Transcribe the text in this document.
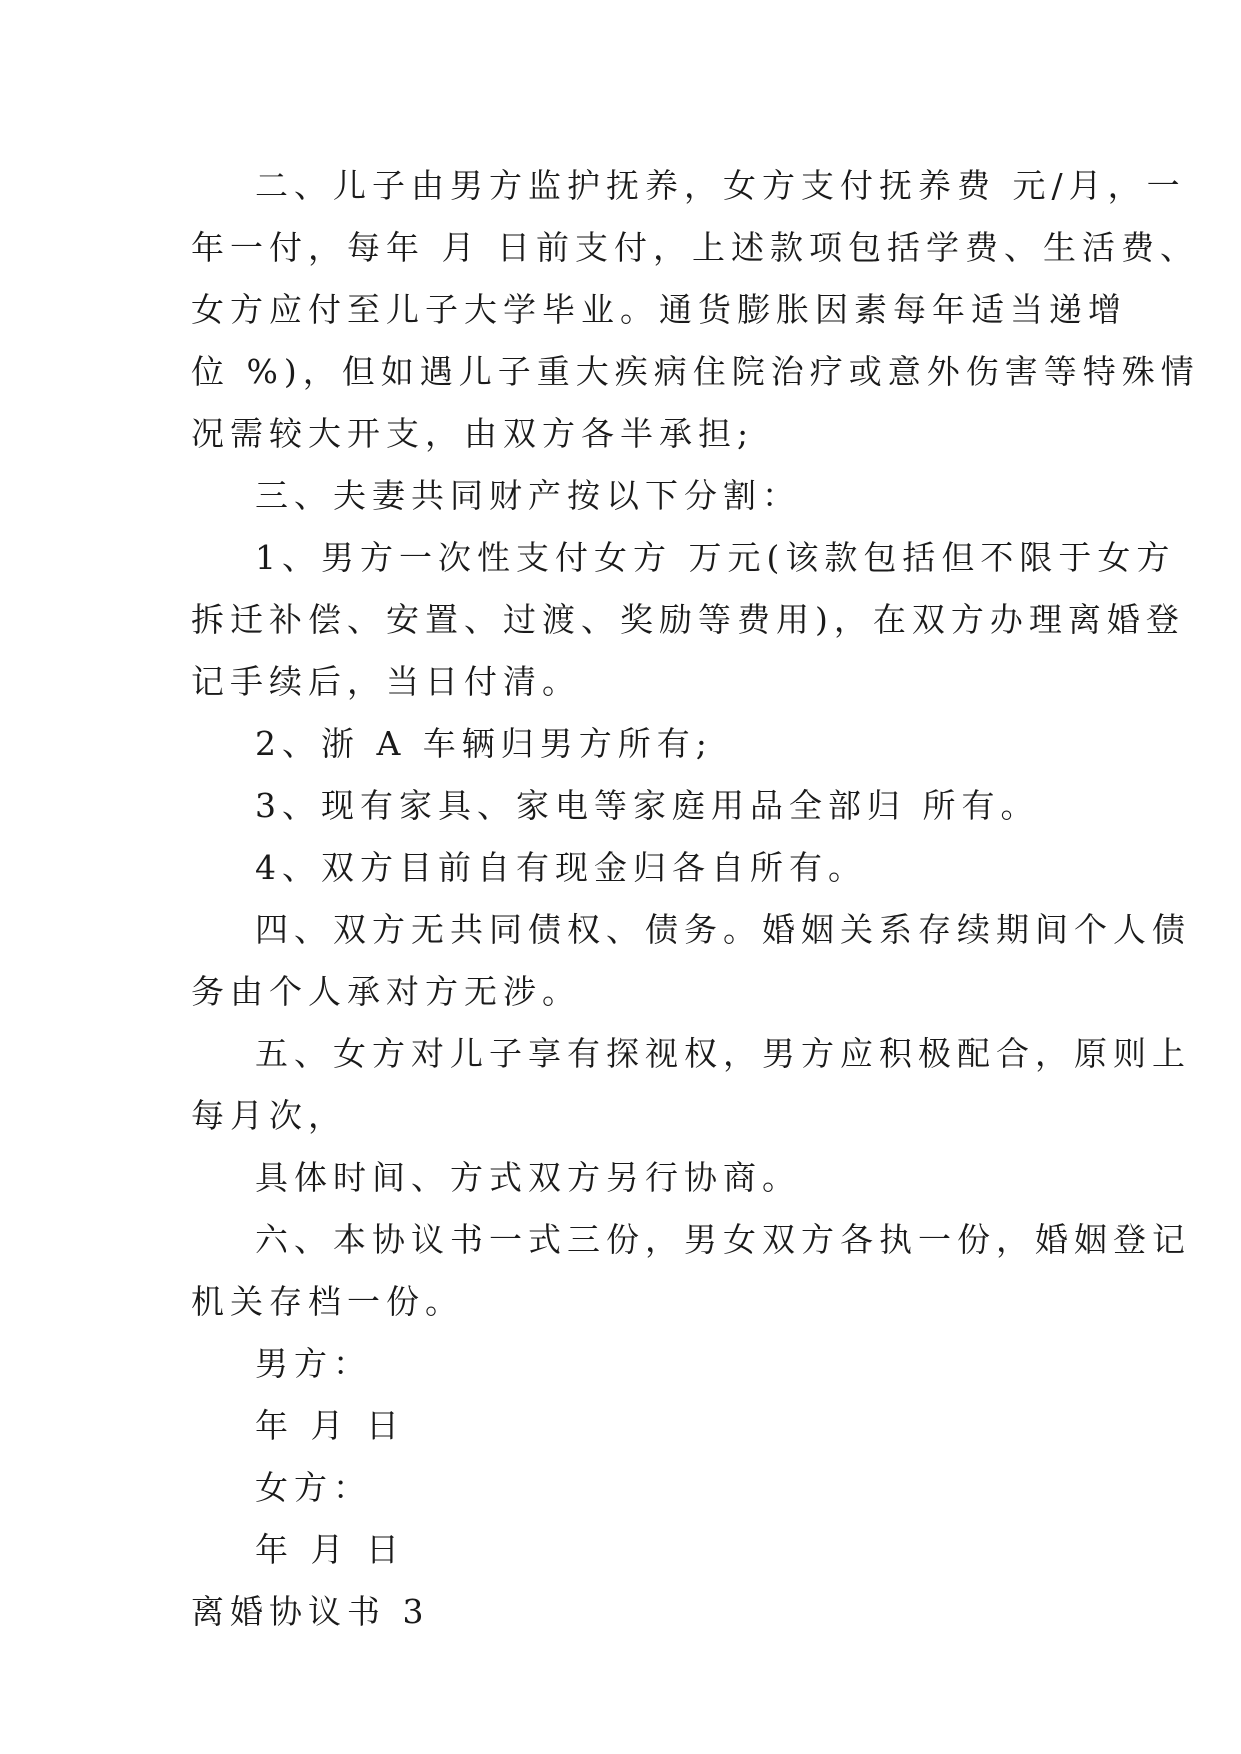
二、儿子由男方监护抚养，女方支付抚养费 元/月，一
年一付，每年 月 日前支付，上述款项包括学费、生活费、
女方应付至儿子大学毕业。通货膨胀因素每年适当递增
位 %)，但如遇儿子重大疾病住院治疗或意外伤害等特殊情
况需较大开支，由双方各半承担;
三、夫妻共同财产按以下分割：
1、男方一次性支付女方 万元(该款包括但不限于女方
拆迁补偿、安置、过渡、奖励等费用)，在双方办理离婚登
记手续后，当日付清。
2、浙 A 车辆归男方所有;
3、现有家具、家电等家庭用品全部归 所有。
4、双方目前自有现金归各自所有。
四、双方无共同债权、债务。婚姻关系存续期间个人债
务由个人承对方无涉。
五、女方对儿子享有探视权，男方应积极配合，原则上
每月次，
具体时间、方式双方另行协商。
六、本协议书一式三份，男女双方各执一份，婚姻登记
机关存档一份。
男方：
年 月 日
女方：
年 月 日
离婚协议书 3
